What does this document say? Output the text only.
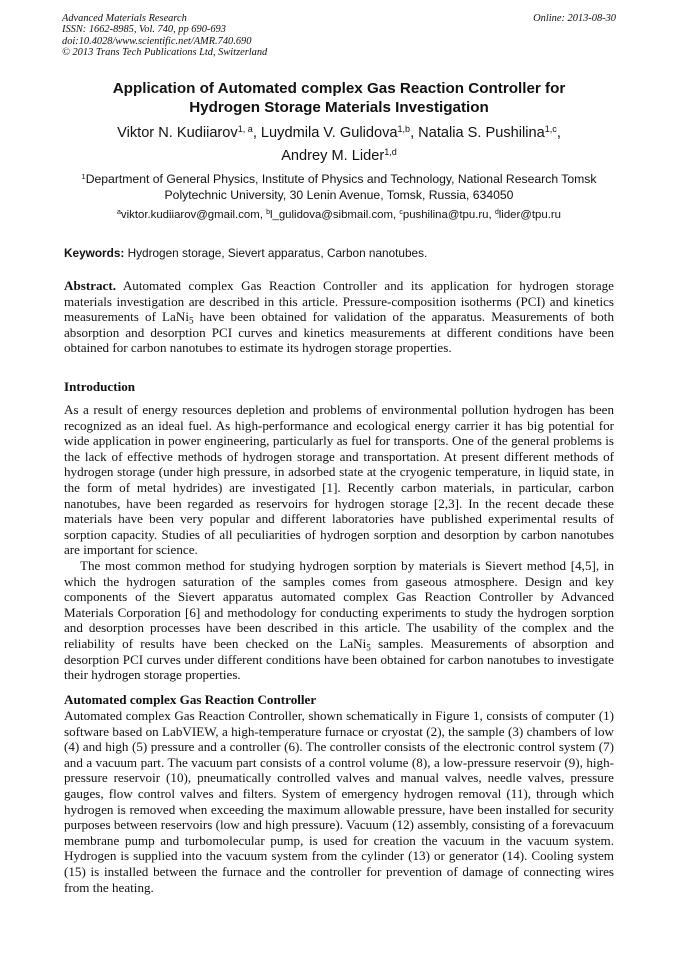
Advanced Materials Research
ISSN: 1662-8985, Vol. 740, pp 690-693
doi:10.4028/www.scientific.net/AMR.740.690
© 2013 Trans Tech Publications Ltd, Switzerland
Online: 2013-08-30
Application of Automated complex Gas Reaction Controller for
Hydrogen Storage Materials Investigation
Viktor N. Kudiiarov$^{1, a}$, Luydmila V. Gulidova$^{1,b}$, Natalia S. Pushilina$^{1,c}$,
Andrey M. Lider$^{1,d}$
$^1$Department of General Physics, Institute of Physics and Technology, National Research Tomsk Polytechnic University, 30 Lenin Avenue, Tomsk, Russia, 634050
$^a$viktor.kudiiarov@gmail.com, $^b$l_gulidova@sibmail.com, $^c$pushilina@tpu.ru, $^d$lider@tpu.ru
Keywords: Hydrogen storage, Sievert apparatus, Carbon nanotubes.

Abstract. Automated complex Gas Reaction Controller and its application for hydrogen storage materials investigation are described in this article. Pressure-composition isotherms (PCI) and kinetics measurements of LaNi$_5$ have been obtained for validation of the apparatus. Measurements of both absorption and desorption PCI curves and kinetics measurements at different conditions have been obtained for carbon nanotubes to estimate its hydrogen storage properties.

Introduction

As a result of energy resources depletion and problems of environmental pollution hydrogen has been recognized as an ideal fuel. As high-performance and ecological energy carrier it has big potential for wide application in power engineering, particularly as fuel for transports. One of the general problems is the lack of effective methods of hydrogen storage and transportation. At present different methods of hydrogen storage (under high pressure, in adsorbed state at the cryogenic temperature, in liquid state, in the form of metal hydrides) are investigated [1]. Recently carbon materials, in particular, carbon nanotubes, have been regarded as reservoirs for hydrogen storage [2,3]. In the recent decade these materials have been very popular and different laboratories have published experimental results of sorption capacity. Studies of all peculiarities of hydrogen sorption and desorption by carbon nanotubes are important for science.

The most common method for studying hydrogen sorption by materials is Sievert method [4,5], in which the hydrogen saturation of the samples comes from gaseous atmosphere. Design and key components of the Sievert apparatus automated complex Gas Reaction Controller by Advanced Materials Corporation [6] and methodology for conducting experiments to study the hydrogen sorption and desorption processes have been described in this article. The usability of the complex and the reliability of results have been checked on the LaNi$_5$ samples. Measurements of absorption and desorption PCI curves under different conditions have been obtained for carbon nanotubes to investigate their hydrogen storage properties.

Automated complex Gas Reaction Controller

Automated complex Gas Reaction Controller, shown schematically in Figure 1, consists of computer (1) software based on LabVIEW, a high-temperature furnace or cryostat (2), the sample (3) chambers of low (4) and high (5) pressure and a controller (6). The controller consists of the electronic control system (7) and a vacuum part. The vacuum part consists of a control volume (8), a low-pressure reservoir (9), high-pressure reservoir (10), pneumatically controlled valves and manual valves, needle valves, pressure gauges, flow control valves and filters. System of emergency hydrogen removal (11), through which hydrogen is removed when exceeding the maximum allowable pressure, have been installed for security purposes between reservoirs (low and high pressure). Vacuum (12) assembly, consisting of a forevacuum membrane pump and turbomolecular pump, is used for creation the vacuum in the vacuum system. Hydrogen is supplied into the vacuum system from the cylinder (13) or generator (14). Cooling system (15) is installed between the furnace and the controller for prevention of damage of connecting wires from the heating.
